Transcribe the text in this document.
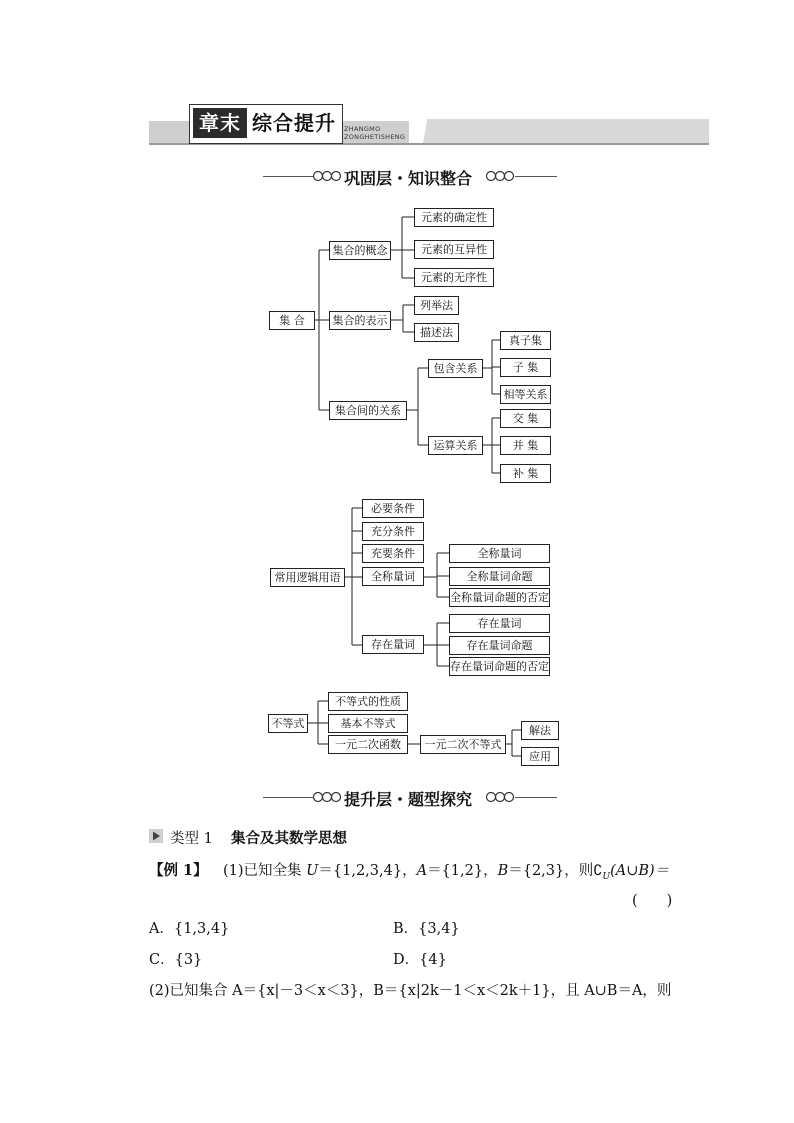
章末 综合提升	ZHANGMO
ZONGHETISHENG
巩固层・知识整合
集 合
集合的概念
元素的确定性
元素的互异性
元素的无序性
集合的表示
列举法
描述法
集合间的关系
包含关系
真子集
子 集
相等关系
运算关系
交 集
并 集
补 集
常用逻辑用语
必要条件
充分条件
充要条件
全称量词
全称量词
全称量词命题
全称量词命题的否定
存在量词
存在量词
存在量词命题
存在量词命题的否定
不等式
不等式的性质
基本不等式
一元二次函数	一元二次不等式
解法
应用
提升层・题型探究
类型 1 集合及其数学思想
【例 1】 (1)已知全集 U＝{1,2,3,4}，A＝{1,2}，B＝{2,3}，则$∁_U(A\cup B)=$
(　　)
A．{1,3,4}	B．{3,4}
C．{3}	D．{4}
(2)已知集合 A＝{x|－3＜x＜3}，B＝{x|2k－1＜x＜2k＋1}，且 A∪B＝A，则
